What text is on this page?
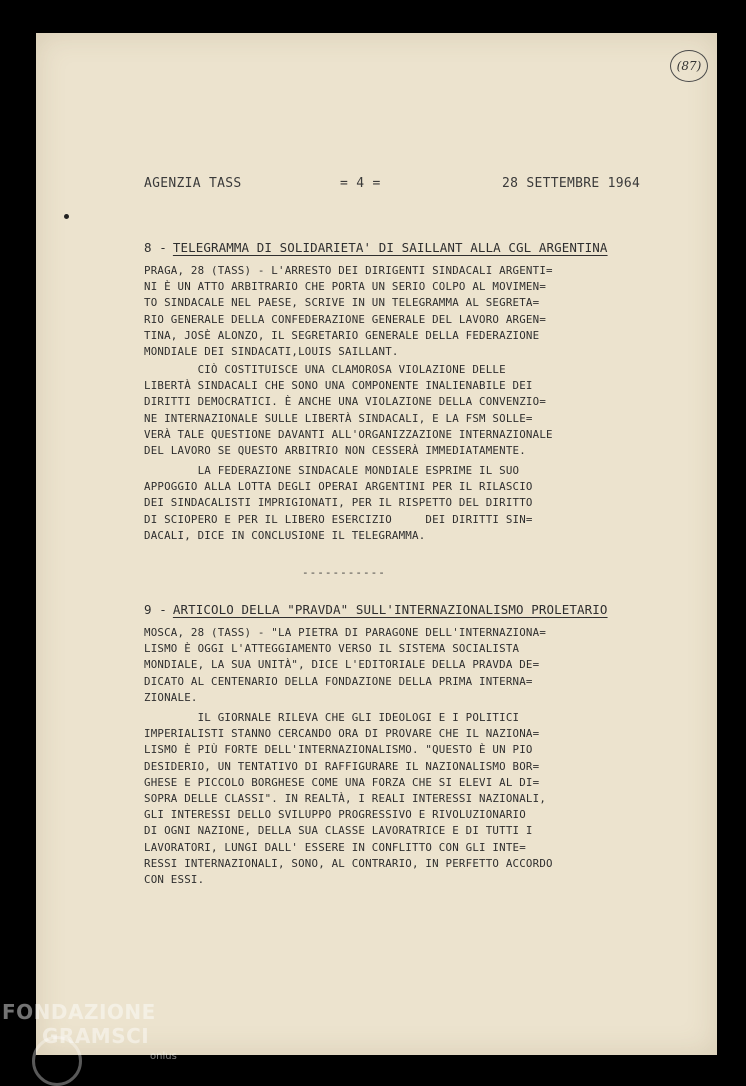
(87)
AGENZIA TASS	= 4 =	28 SETTEMBRE 1964
8 - TELEGRAMMA DI SOLIDARIETA' DI SAILLANT ALLA CGL ARGENTINA
PRAGA, 28 (TASS) - L'ARRESTO DEI DIRIGENTI SINDACALI ARGENTI=
NI È UN ATTO ARBITRARIO CHE PORTA UN SERIO COLPO AL MOVIMEN=
TO SINDACALE NEL PAESE, SCRIVE IN UN TELEGRAMMA AL SEGRETA=
RIO GENERALE DELLA CONFEDERAZIONE GENERALE DEL LAVORO ARGEN=
TINA, JOSÈ ALONZO, IL SEGRETARIO GENERALE DELLA FEDERAZIONE
MONDIALE DEI SINDACATI,LOUIS SAILLANT.
CIÒ COSTITUISCE UNA CLAMOROSA VIOLAZIONE DELLE
LIBERTÀ SINDACALI CHE SONO UNA COMPONENTE INALIENABILE DEI
DIRITTI DEMOCRATICI. È ANCHE UNA VIOLAZIONE DELLA CONVENZIO=
NE INTERNAZIONALE SULLE LIBERTÀ SINDACALI, E LA FSM SOLLE=
VERÀ TALE QUESTIONE DAVANTI ALL'ORGANIZZAZIONE INTERNAZIONALE
DEL LAVORO SE QUESTO ARBITRIO NON CESSERÀ IMMEDIATAMENTE.
LA FEDERAZIONE SINDACALE MONDIALE ESPRIME IL SUO
APPOGGIO ALLA LOTTA DEGLI OPERAI ARGENTINI PER IL RILASCIO
DEI SINDACALISTI IMPRIGIONATI, PER IL RISPETTO DEL DIRITTO
DI SCIOPERO E PER IL LIBERO ESERCIZIO     DEI DIRITTI SIN=
DACALI, DICE IN CONCLUSIONE IL TELEGRAMMA.
-----------
9 - ARTICOLO DELLA "PRAVDA" SULL'INTERNAZIONALISMO PROLETARIO
MOSCA, 28 (TASS) - "LA PIETRA DI PARAGONE DELL'INTERNAZIONA=
LISMO È OGGI L'ATTEGGIAMENTO VERSO IL SISTEMA SOCIALISTA
MONDIALE, LA SUA UNITÀ", DICE L'EDITORIALE DELLA PRAVDA DE=
DICATO AL CENTENARIO DELLA FONDAZIONE DELLA PRIMA INTERNA=
ZIONALE.
IL GIORNALE RILEVA CHE GLI IDEOLOGI E I POLITICI
IMPERIALISTI STANNO CERCANDO ORA DI PROVARE CHE IL NAZIONA=
LISMO È PIÙ FORTE DELL'INTERNAZIONALISMO. "QUESTO È UN PIO
DESIDERIO, UN TENTATIVO DI RAFFIGURARE IL NAZIONALISMO BOR=
GHESE E PICCOLO BORGHESE COME UNA FORZA CHE SI ELEVI AL DI=
SOPRA DELLE CLASSI". IN REALTÀ, I REALI INTERESSI NAZIONALI,
GLI INTERESSI DELLO SVILUPPO PROGRESSIVO E RIVOLUZIONARIO
DI OGNI NAZIONE, DELLA SUA CLASSE LAVORATRICE E DI TUTTI I
LAVORATORI, LUNGI DALL' ESSERE IN CONFLITTO CON GLI INTE=
RESSI INTERNAZIONALI, SONO, AL CONTRARIO, IN PERFETTO ACCORDO
CON ESSI.
FONDAZIONE
GRAMSCI
onlus
